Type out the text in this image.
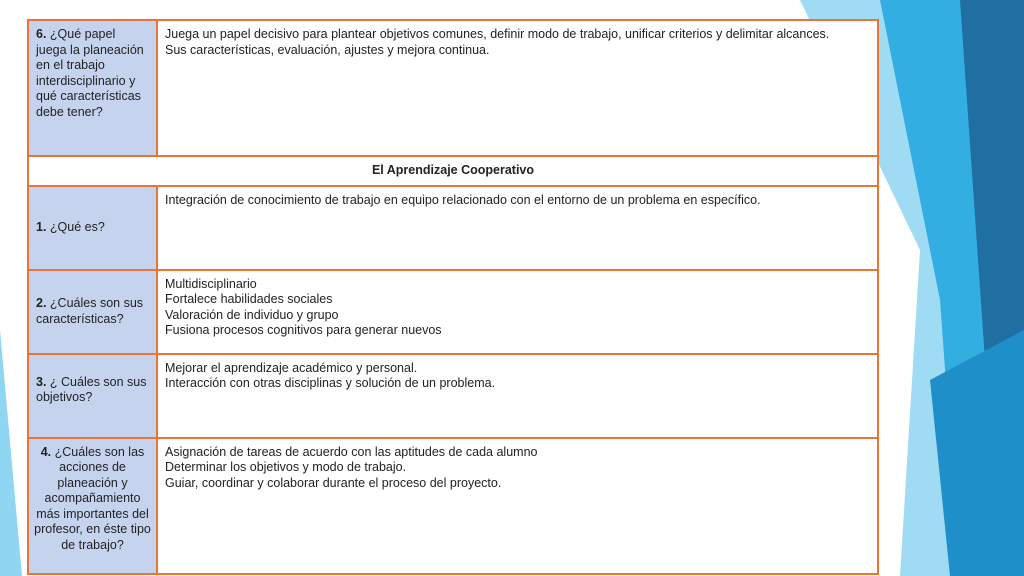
6. ¿Qué papel juega la planeación en el trabajo interdisciplinario y qué características debe tener?	Juega un papel decisivo para plantear objetivos comunes, definir modo de trabajo, unificar criterios y delimitar alcances.
Sus características, evaluación, ajustes y mejora continua.

El Aprendizaje Cooperativo	
1. ¿Qué es?	Integración de conocimiento de trabajo en equipo relacionado con el entorno de un problema en específico.

2. ¿Cuáles son sus características?	Multidisciplinario
Fortalece habilidades sociales
Valoración de individuo y grupo
Fusiona procesos cognitivos para generar nuevos

3. ¿ Cuáles son sus objetivos?	Mejorar el aprendizaje académico y personal.
Interacción con otras disciplinas y solución de un problema.

4. ¿Cuáles son las acciones de planeación y acompañamiento más importantes del profesor, en éste tipo de trabajo?	Asignación de tareas de acuerdo con las aptitudes de cada alumno
Determinar los objetivos y modo de trabajo.
Guiar, coordinar y colaborar durante el proceso del proyecto.
